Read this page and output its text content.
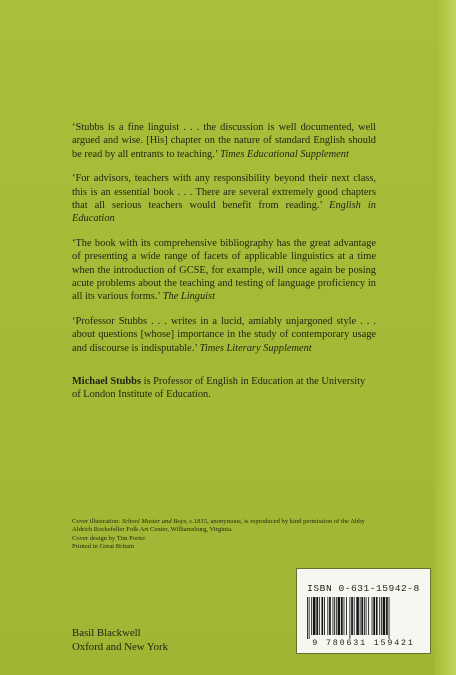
‘Stubbs is a fine linguist . . . the discussion is well documented, well argued and wise. [His] chapter on the nature of standard English should be read by all entrants to teaching.’ Times Educational Supplement

‘For advisors, teachers with any responsibility beyond their next class, this is an essential book . . . There are several extremely good chapters that all serious teachers would benefit from reading.’ English in Education

‘The book with its comprehensive bibliography has the great advantage of presenting a wide range of facets of applicable linguistics at a time when the introduction of GCSE, for example, will once again be posing acute problems about the teaching and testing of language proficiency in all its various forms.’ The Linguist

‘Professor Stubbs . . . writes in a lucid, amiably unjargoned style . . . about questions [whose] importance in the study of contemporary usage and discourse is indisputable.’ Times Literary Supplement

Michael Stubbs is Professor of English in Education at the University of London Institute of Education.
Cover illustration: School Master and Boys, c.1815, anonymous, is reproduced by kind permission of the Abby Aldrich Rockefeller Folk Art Center, Williamsburg, Virginia.
Cover design by Tim Porter
Printed in Great Britain
Basil Blackwell
Oxford and New York
ISBN 0-631-15942-8
9 780631 159421
